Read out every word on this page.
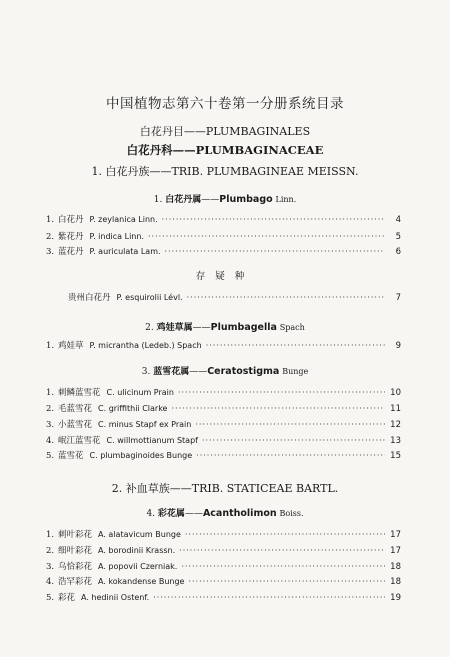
中国植物志第六十卷第一分册系统目录
白花丹目——PLUMBAGINALES
白花丹科——PLUMBAGINACEAE
1. 白花丹族——TRIB. PLUMBAGINEAE MEISSN.
1. 白花丹属——Plumbago Linn.
1. 白花丹 P. zeylanica Linn. ·····	4
2. 紫花丹 P. indica Linn. ·····	5
3. 蓝花丹 P. auriculata Lam. ·····	6
存疑种
贵州白花丹 P. esquirolii Lévl. ·····	7
2. 鸡娃草属——Plumbagella Spach
1. 鸡娃草 P. micrantha (Ledeb.) Spach ·····	9
3. 蓝雪花属——Ceratostigma Bunge
1. 刺鳞蓝雪花 C. ulicinum Prain ·····	10
2. 毛蓝雪花 C. griffithii Clarke ·····	11
3. 小蓝雪花 C. minus Stapf ex Prain ·····	12
4. 岷江蓝雪花 C. willmottianum Stapf ·····	13
5. 蓝雪花 C. plumbaginoides Bunge ·····	15
2. 补血草族——TRIB. STATICEAE BARTL.
4. 彩花属——Acantholimon Boiss.
1. 刺叶彩花 A. alatavicum Bunge ·····	17
2. 细叶彩花 A. borodinii Krassn. ·····	17
3. 乌恰彩花 A. popovii Czerniak. ·····	18
4. 浩罕彩花 A. kokandense Bunge ·····	18
5. 彩花 A. hedinii Ostenf. ·····	19
